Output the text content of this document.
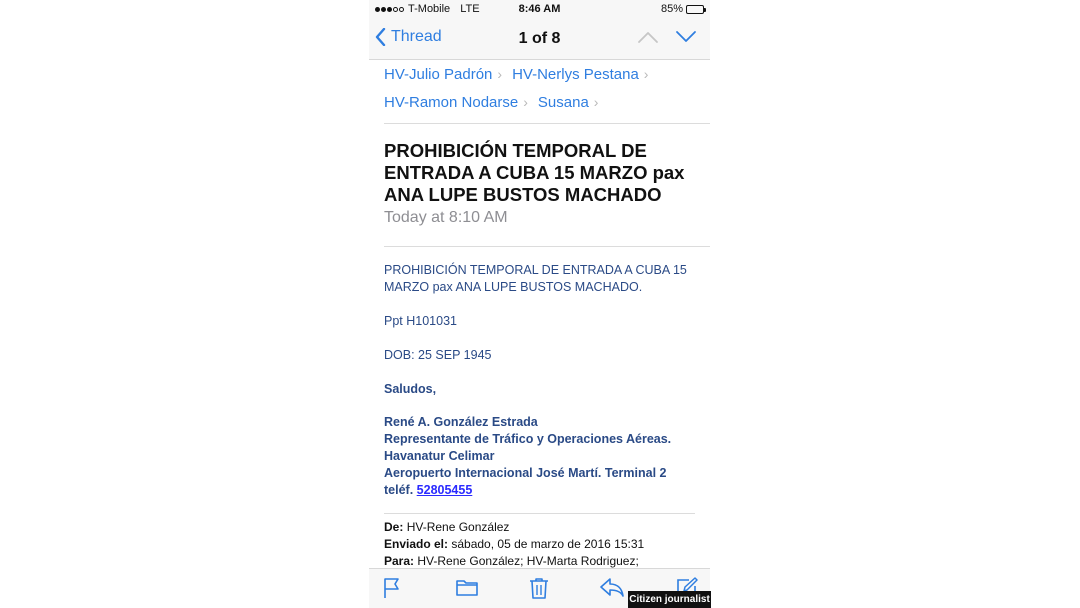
T-Mobile LTE	8:46 AM	85%
Thread	1 of 8
HV-Julio Padrón › HV-Nerlys Pestana ›
HV-Ramon Nodarse › Susana ›
PROHIBICIÓN TEMPORAL DE ENTRADA A CUBA 15 MARZO pax ANA LUPE BUSTOS MACHADO
Today at 8:10 AM

PROHIBICIÓN TEMPORAL DE ENTRADA A CUBA 15 MARZO pax ANA LUPE BUSTOS MACHADO.

Ppt H101031

DOB: 25 SEP 1945

Saludos,

René A. González Estrada

Representante de Tráfico y Operaciones Aéreas.

Havanatur Celimar

Aeropuerto Internacional José Martí. Terminal 2

teléf. 52805455

De: HV-Rene González

Enviado el: sábado, 05 de marzo de 2016 15:31

Para: HV-Rene González; HV-Marta Rodriguez;

Citizen journalist
